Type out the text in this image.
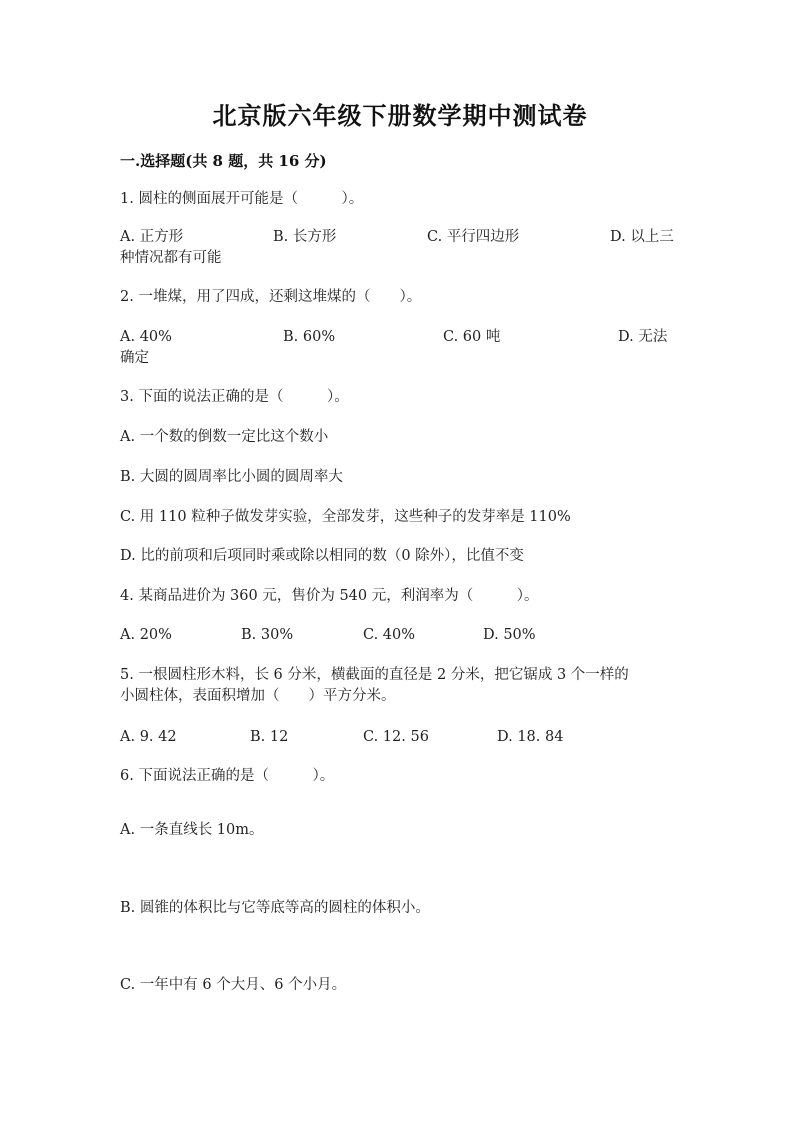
北京版六年级下册数学期中测试卷
一.选择题(共 8 题，共 16 分)
1. 圆柱的侧面展开可能是（　　　）。
A. 正方形	B. 长方形	C. 平行四边形	D. 以上三
种情况都有可能
2. 一堆煤，用了四成，还剩这堆煤的（　　）。
A. 40%	B. 60%	C. 60 吨	D. 无法
确定
3. 下面的说法正确的是（　　　）。
A. 一个数的倒数一定比这个数小
B. 大圆的圆周率比小圆的圆周率大
C. 用 110 粒种子做发芽实验，全部发芽，这些种子的发芽率是 110%
D. 比的前项和后项同时乘或除以相同的数（0 除外），比值不变
4. 某商品进价为 360 元，售价为 540 元，利润率为（　　　）。
A. 20%	B. 30%	C. 40%	D. 50%
5. 一根圆柱形木料，长 6 分米，横截面的直径是 2 分米，把它锯成 3 个一样的
小圆柱体，表面积增加（　　）平方分米。
A. 9. 42	B. 12	C. 12. 56	D. 18. 84
6. 下面说法正确的是（　　　）。
A. 一条直线长 10m。
B. 圆锥的体积比与它等底等高的圆柱的体积小。
C. 一年中有 6 个大月、6 个小月。
